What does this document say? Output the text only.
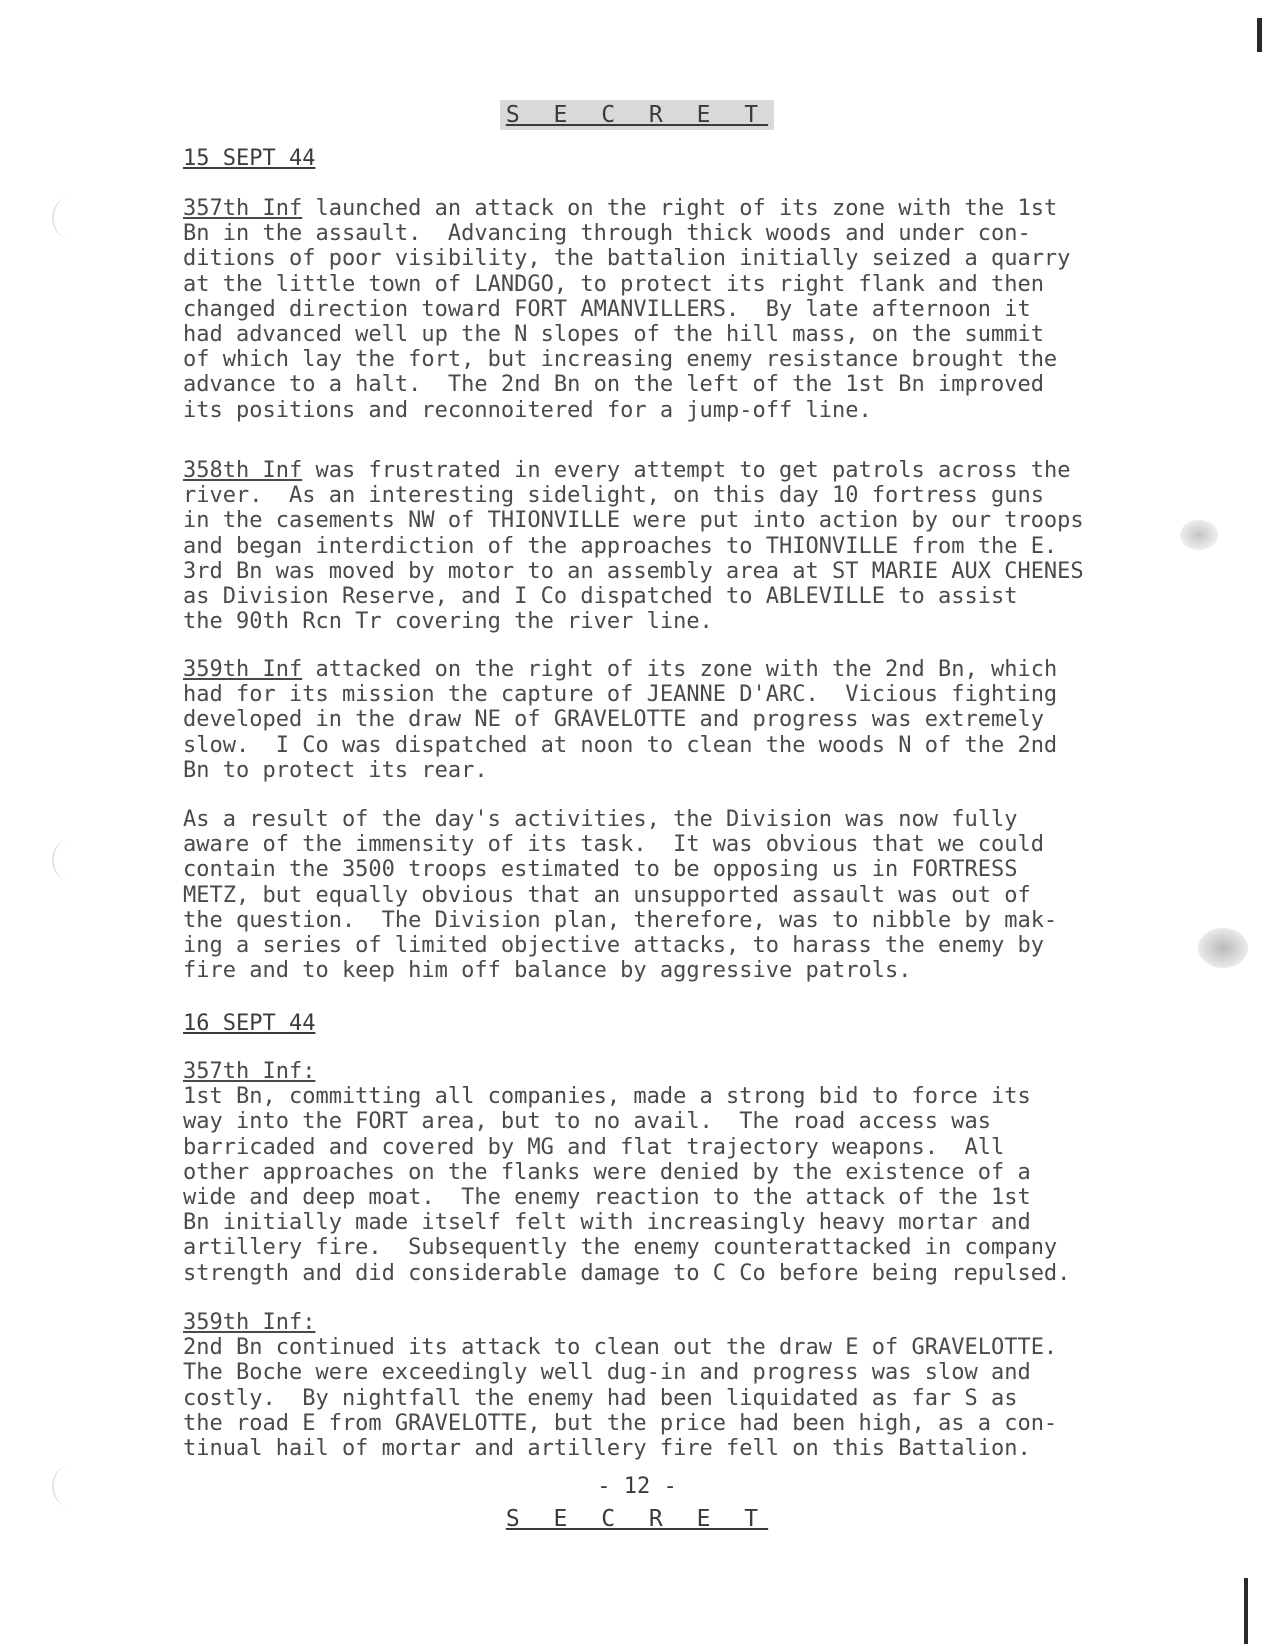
S E C R E T
15 SEPT 44
357th Inf launched an attack on the right of its zone with the 1st
Bn in the assault.  Advancing through thick woods and under con-
ditions of poor visibility, the battalion initially seized a quarry
at the little town of LANDGO, to protect its right flank and then
changed direction toward FORT AMANVILLERS.  By late afternoon it
had advanced well up the N slopes of the hill mass, on the summit
of which lay the fort, but increasing enemy resistance brought the
advance to a halt.  The 2nd Bn on the left of the 1st Bn improved
its positions and reconnoitered for a jump-off line.
358th Inf was frustrated in every attempt to get patrols across the
river.  As an interesting sidelight, on this day 10 fortress guns
in the casements NW of THIONVILLE were put into action by our troops
and began interdiction of the approaches to THIONVILLE from the E.
3rd Bn was moved by motor to an assembly area at ST MARIE AUX CHENES
as Division Reserve, and I Co dispatched to ABLEVILLE to assist
the 90th Rcn Tr covering the river line.
359th Inf attacked on the right of its zone with the 2nd Bn, which
had for its mission the capture of JEANNE D'ARC.  Vicious fighting
developed in the draw NE of GRAVELOTTE and progress was extremely
slow.  I Co was dispatched at noon to clean the woods N of the 2nd
Bn to protect its rear.
As a result of the day's activities, the Division was now fully
aware of the immensity of its task.  It was obvious that we could
contain the 3500 troops estimated to be opposing us in FORTRESS
METZ, but equally obvious that an unsupported assault was out of
the question.  The Division plan, therefore, was to nibble by mak-
ing a series of limited objective attacks, to harass the enemy by
fire and to keep him off balance by aggressive patrols.
16 SEPT 44
357th Inf:
1st Bn, committing all companies, made a strong bid to force its
way into the FORT area, but to no avail.  The road access was
barricaded and covered by MG and flat trajectory weapons.  All
other approaches on the flanks were denied by the existence of a
wide and deep moat.  The enemy reaction to the attack of the 1st
Bn initially made itself felt with increasingly heavy mortar and
artillery fire.  Subsequently the enemy counterattacked in company
strength and did considerable damage to C Co before being repulsed.
359th Inf:
2nd Bn continued its attack to clean out the draw E of GRAVELOTTE.
The Boche were exceedingly well dug-in and progress was slow and
costly.  By nightfall the enemy had been liquidated as far S as
the road E from GRAVELOTTE, but the price had been high, as a con-
tinual hail of mortar and artillery fire fell on this Battalion.
- 12 -
S E C R E T
